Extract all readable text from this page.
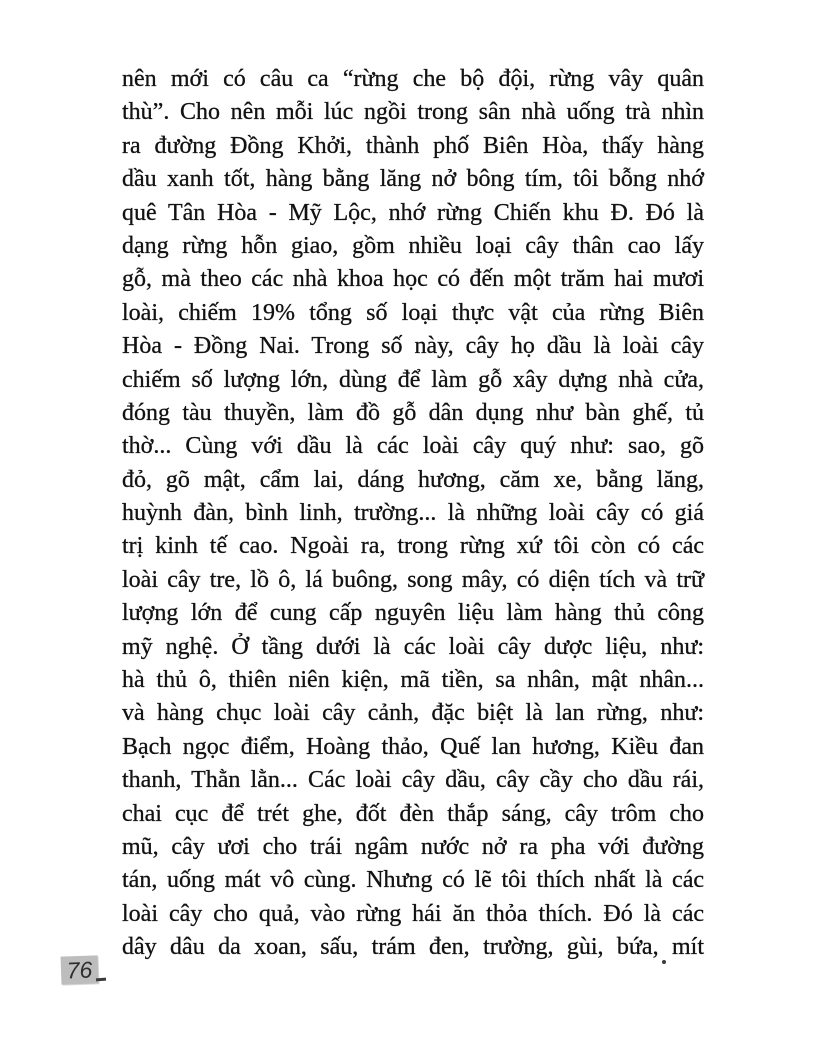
nên mới có câu ca “rừng che bộ đội, rừng vây quân
thù”. Cho nên mỗi lúc ngồi trong sân nhà uống trà nhìn
ra đường Đồng Khởi, thành phố Biên Hòa, thấy hàng
dầu xanh tốt, hàng bằng lăng nở bông tím, tôi bỗng nhớ
quê Tân Hòa - Mỹ Lộc, nhớ rừng Chiến khu Đ. Đó là
dạng rừng hỗn giao, gồm nhiều loại cây thân cao lấy
gỗ, mà theo các nhà khoa học có đến một trăm hai mươi
loài, chiếm 19% tổng số loại thực vật của rừng Biên
Hòa - Đồng Nai. Trong số này, cây họ dầu là loài cây
chiếm số lượng lớn, dùng để làm gỗ xây dựng nhà cửa,
đóng tàu thuyền, làm đồ gỗ dân dụng như bàn ghế, tủ
thờ... Cùng với dầu là các loài cây quý như: sao, gõ
đỏ, gõ mật, cẩm lai, dáng hương, căm xe, bằng lăng,
huỳnh đàn, bình linh, trường... là những loài cây có giá
trị kinh tế cao. Ngoài ra, trong rừng xứ tôi còn có các
loài cây tre, lồ ô, lá buông, song mây, có diện tích và trữ
lượng lớn để cung cấp nguyên liệu làm hàng thủ công
mỹ nghệ. Ở tầng dưới là các loài cây dược liệu, như:
hà thủ ô, thiên niên kiện, mã tiền, sa nhân, mật nhân...
và hàng chục loài cây cảnh, đặc biệt là lan rừng, như:
Bạch ngọc điểm, Hoàng thảo, Quế lan hương, Kiều đan
thanh, Thằn lằn... Các loài cây dầu, cây cầy cho dầu rái,
chai cục để trét ghe, đốt đèn thắp sáng, cây trôm cho
mũ, cây ươi cho trái ngâm nước nở ra pha với đường
tán, uống mát vô cùng. Nhưng có lẽ tôi thích nhất là các
loài cây cho quả, vào rừng hái ăn thỏa thích. Đó là các
dây dâu da xoan, sấu, trám đen, trường, gùi, bứa, mít
76
